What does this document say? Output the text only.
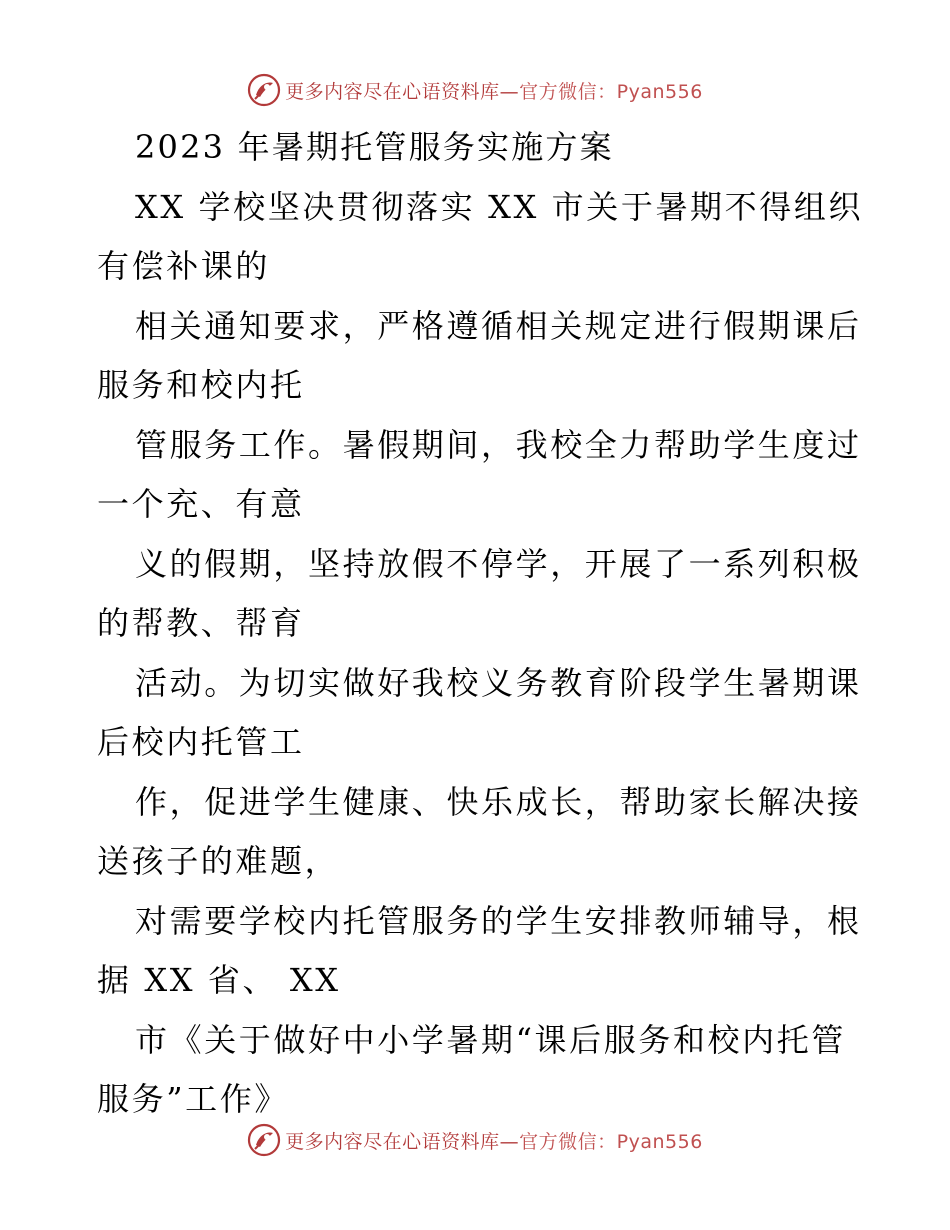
更多内容尽在心语资料库—官方微信：Pyan556
2023 年暑期托管服务实施方案
XX 学校坚决贯彻落实 XX 市关于暑期不得组织
有偿补课的
相关通知要求，严格遵循相关规定进行假期课后
服务和校内托
管服务工作。暑假期间，我校全力帮助学生度过
一个充、有意
义的假期，坚持放假不停学，开展了一系列积极
的帮教、帮育
活动。为切实做好我校义务教育阶段学生暑期课
后校内托管工
作，促进学生健康、快乐成长，帮助家长解决接
送孩子的难题，
对需要学校内托管服务的学生安排教师辅导，根
据 XX 省、 XX
市《关于做好中小学暑期“课后服务和校内托管
服务”工作》
更多内容尽在心语资料库—官方微信：Pyan556
